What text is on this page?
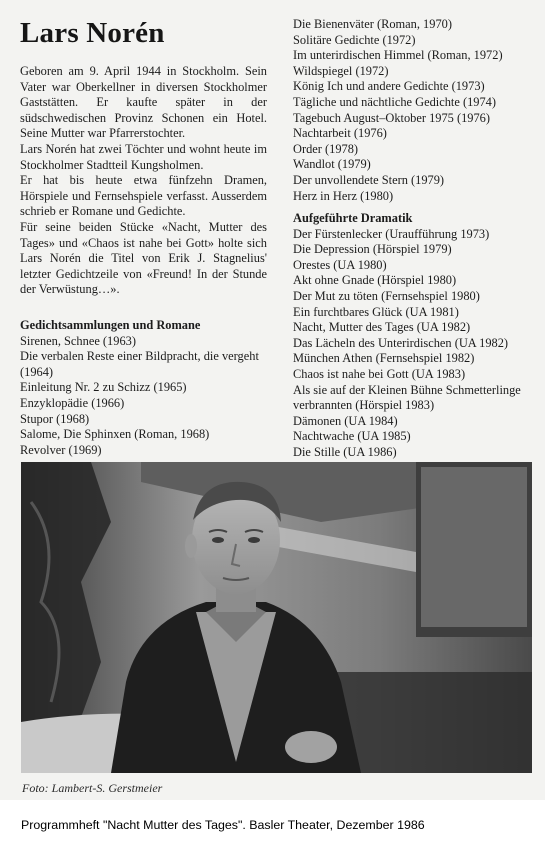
Lars Norén

Geboren am 9. April 1944 in Stockholm. Sein Vater war Oberkellner in diversen Stockholmer Gaststätten. Er kaufte später in der südschwedischen Provinz Schonen ein Hotel. Seine Mutter war Pfarrerstochter.

Lars Norén hat zwei Töchter und wohnt heute im Stockholmer Stadtteil Kungsholmen.

Er hat bis heute etwa fünfzehn Dramen, Hörspiele und Fernsehspiele verfasst. Ausserdem schrieb er Romane und Gedichte.

Für seine beiden Stücke «Nacht, Mutter des Tages» und «Chaos ist nahe bei Gott» holte sich Lars Norén die Titel von Erik J. Stagnelius' letzter Gedichtzeile von «Freund! In der Stunde der Verwüstung…».

Gedichtsammlungen und Romane
Sirenen, Schnee (1963)
Die verbalen Reste einer Bildpracht, die vergeht (1964)
Einleitung Nr. 2 zu Schizz (1965)
Enzyklopädie (1966)
Stupor (1968)
Salome, Die Sphinxen (Roman, 1968)
Revolver (1969)
Die Bienenväter (Roman, 1970)
Solitäre Gedichte (1972)
Im unterirdischen Himmel (Roman, 1972)
Wildspiegel (1972)
König Ich und andere Gedichte (1973)
Tägliche und nächtliche Gedichte (1974)
Tagebuch August–Oktober 1975 (1976)
Nachtarbeit (1976)
Order (1978)
Wandlot (1979)
Der unvollendete Stern (1979)
Herz in Herz (1980)
Aufgeführte Dramatik
Der Fürstenlecker (Uraufführung 1973)
Die Depression (Hörspiel 1979)
Orestes (UA 1980)
Akt ohne Gnade (Hörspiel 1980)
Der Mut zu töten (Fernsehspiel 1980)
Ein furchtbares Glück (UA 1981)
Nacht, Mutter des Tages (UA 1982)
Das Lächeln des Unterirdischen (UA 1982)
München Athen (Fernsehspiel 1982)
Chaos ist nahe bei Gott (UA 1983)
Als sie auf der Kleinen Bühne Schmetterlinge verbrannten (Hörspiel 1983)
Dämonen (UA 1984)
Nachtwache (UA 1985)
Die Stille (UA 1986)
Foto: Lambert-S. Gerstmeier
Programmheft "Nacht Mutter des Tages". Basler Theater, Dezember 1986
